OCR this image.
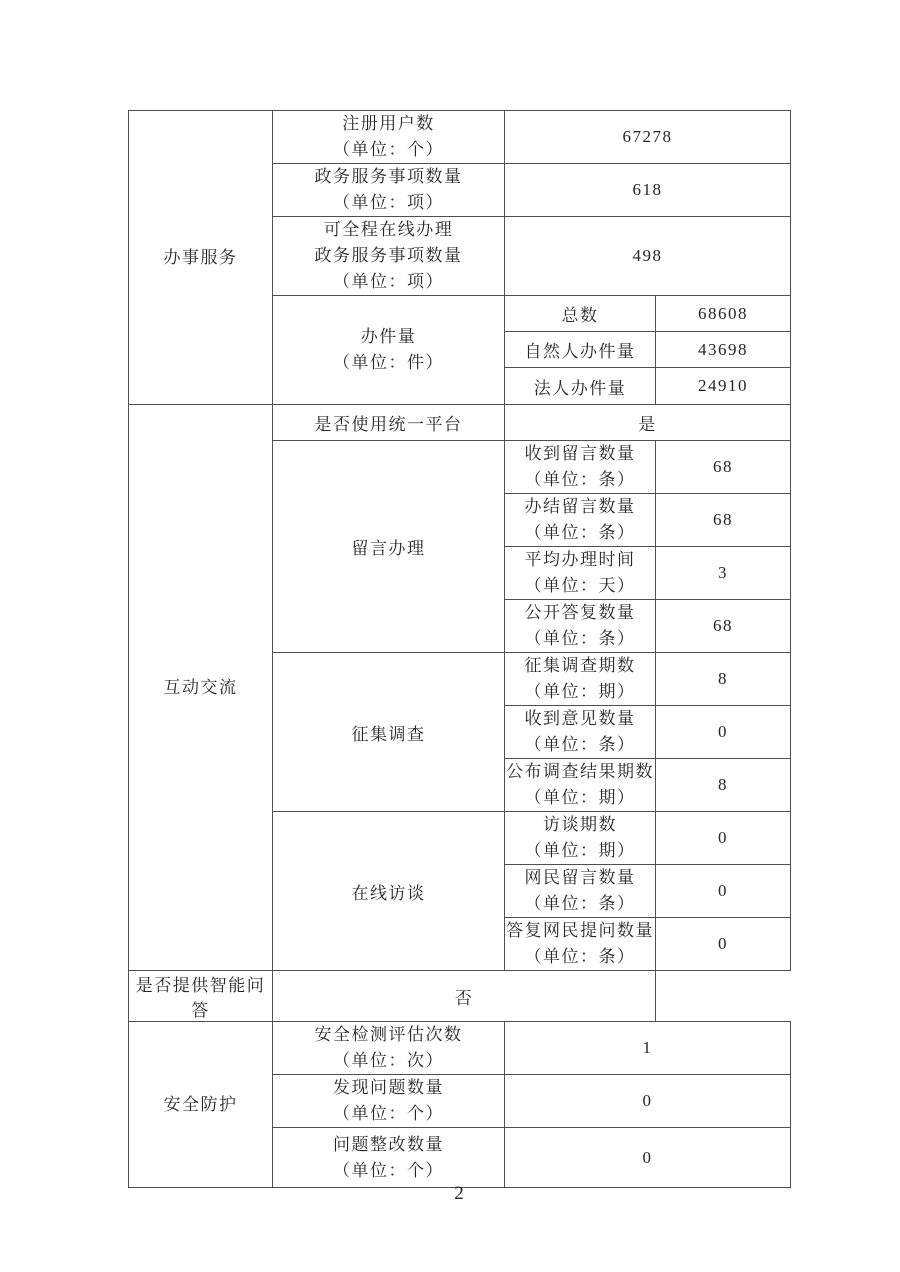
办事服务	注册用户数
（单位：个）	67278	

	政务服务事项数量
（单位：项）	618	

	可全程在线办理
政务服务事项数量
（单位：项）	498	

	办件量
（单位：件）	总数	68608
		自然人办件量	43698
		法人办件量	24910

互动交流	是否使用统一平台	是	
	留言办理	收到留言数量
（单位：条）	68

		办结留言数量
（单位：条）	68

		平均办理时间
（单位：天）	3

		公开答复数量
（单位：条）	68
	征集调查	征集调查期数
（单位：期）	8

		收到意见数量
（单位：条）	0

		公布调查结果期数
（单位：期）	8
	在线访谈	访谈期数
（单位：期）	0

		网民留言数量
（单位：条）	0

		答复网民提问数量
（单位：条）	0
是否提供智能问答	否		

安全防护	安全检测评估次数
（单位：次）	1	

	发现问题数量
（单位：个）	0	

	问题整改数量
（单位：个）	0	
2
